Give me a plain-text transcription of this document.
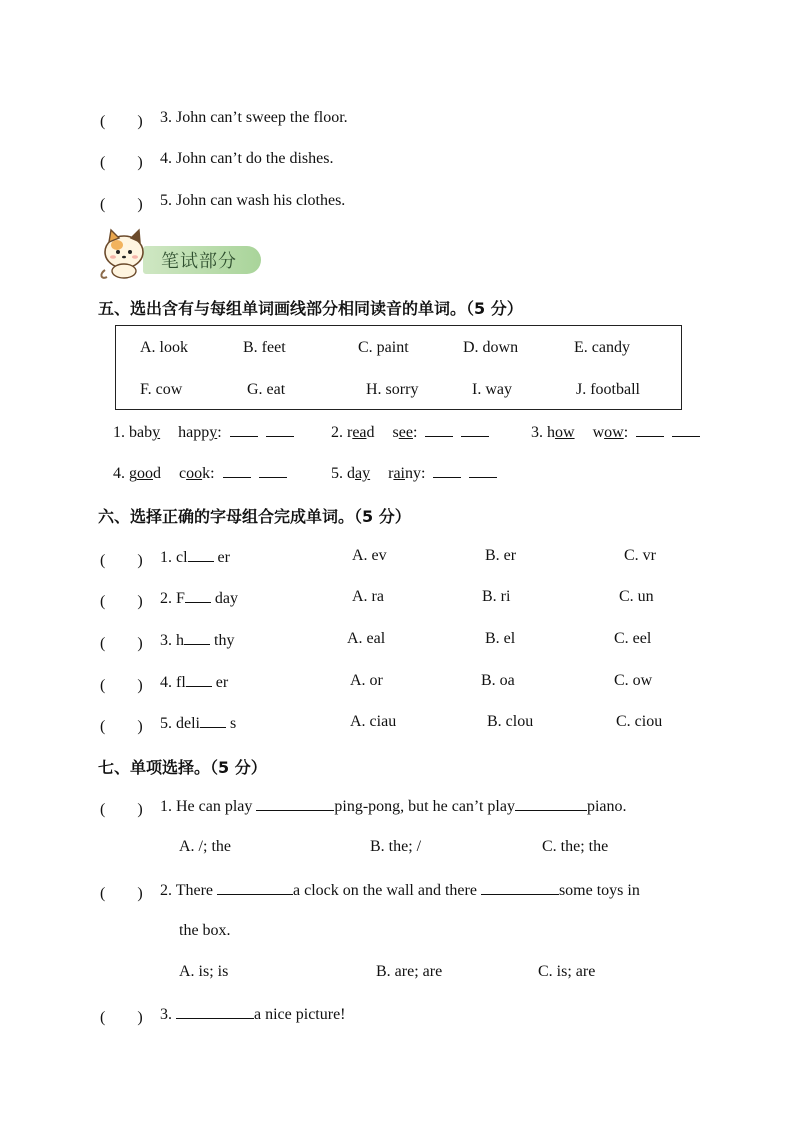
(　　) 3. John can’t sweep the floor.
(　　) 4. John can’t do the dishes.
(　　) 5. John can wash his clothes.
笔试部分
五、选出含有与每组单词画线部分相同读音的单词。（5 分）
A. look	B. feet	C. paint	D. down	E. candy
F. cow	G. eat	H. sorry	I. way	J. football
1. baby happy:	2. read see:	3. how wow:
4. good cook:	5. day rainy:
六、选择正确的字母组合完成单词。（5 分）
(　　) 1. cl er	A. ev	B. er	C. vr
(　　) 2. F day	A. ra	B. ri	C. un
(　　) 3. h thy	A. eal	B. el	C. eel
(　　) 4. fl er	A. or	B. oa	C. ow
(　　) 5. deli s	A. ciau	B. clou	C. ciou
七、单项选择。（5 分）
(　　) 1. He can play	ping-pong, but he can’t play	piano.
A. /; the	B. the; /	C. the; the
(　　) 2. There	a clock on the wall and there	some toys in
the box.
A. is; is	B. are; are	C. is; are
(　　) 3.	a nice picture!
